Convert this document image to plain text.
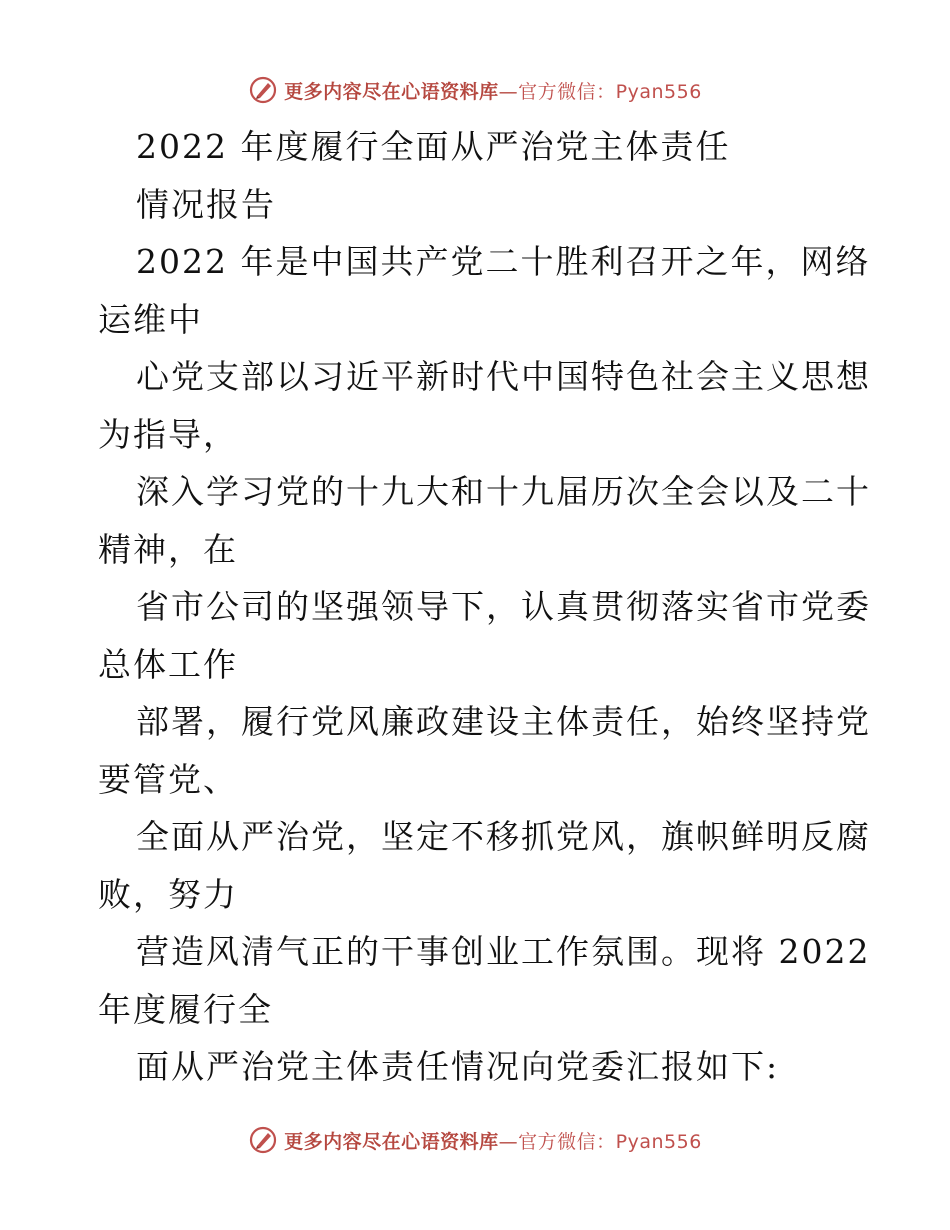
更多内容尽在心语资料库—官方微信：Pyan556
2022 年度履行全面从严治党主体责任
情况报告
2022 年是中国共产党二十胜利召开之年，网络
运维中
心党支部以习近平新时代中国特色社会主义思想
为指导，
深入学习党的十九大和十九届历次全会以及二十
精神，在
省市公司的坚强领导下，认真贯彻落实省市党委
总体工作
部署，履行党风廉政建设主体责任，始终坚持党
要管党、
全面从严治党，坚定不移抓党风，旗帜鲜明反腐
败，努力
营造风清气正的干事创业工作氛围。现将 2022
年度履行全
面从严治党主体责任情况向党委汇报如下:
更多内容尽在心语资料库—官方微信：Pyan556
